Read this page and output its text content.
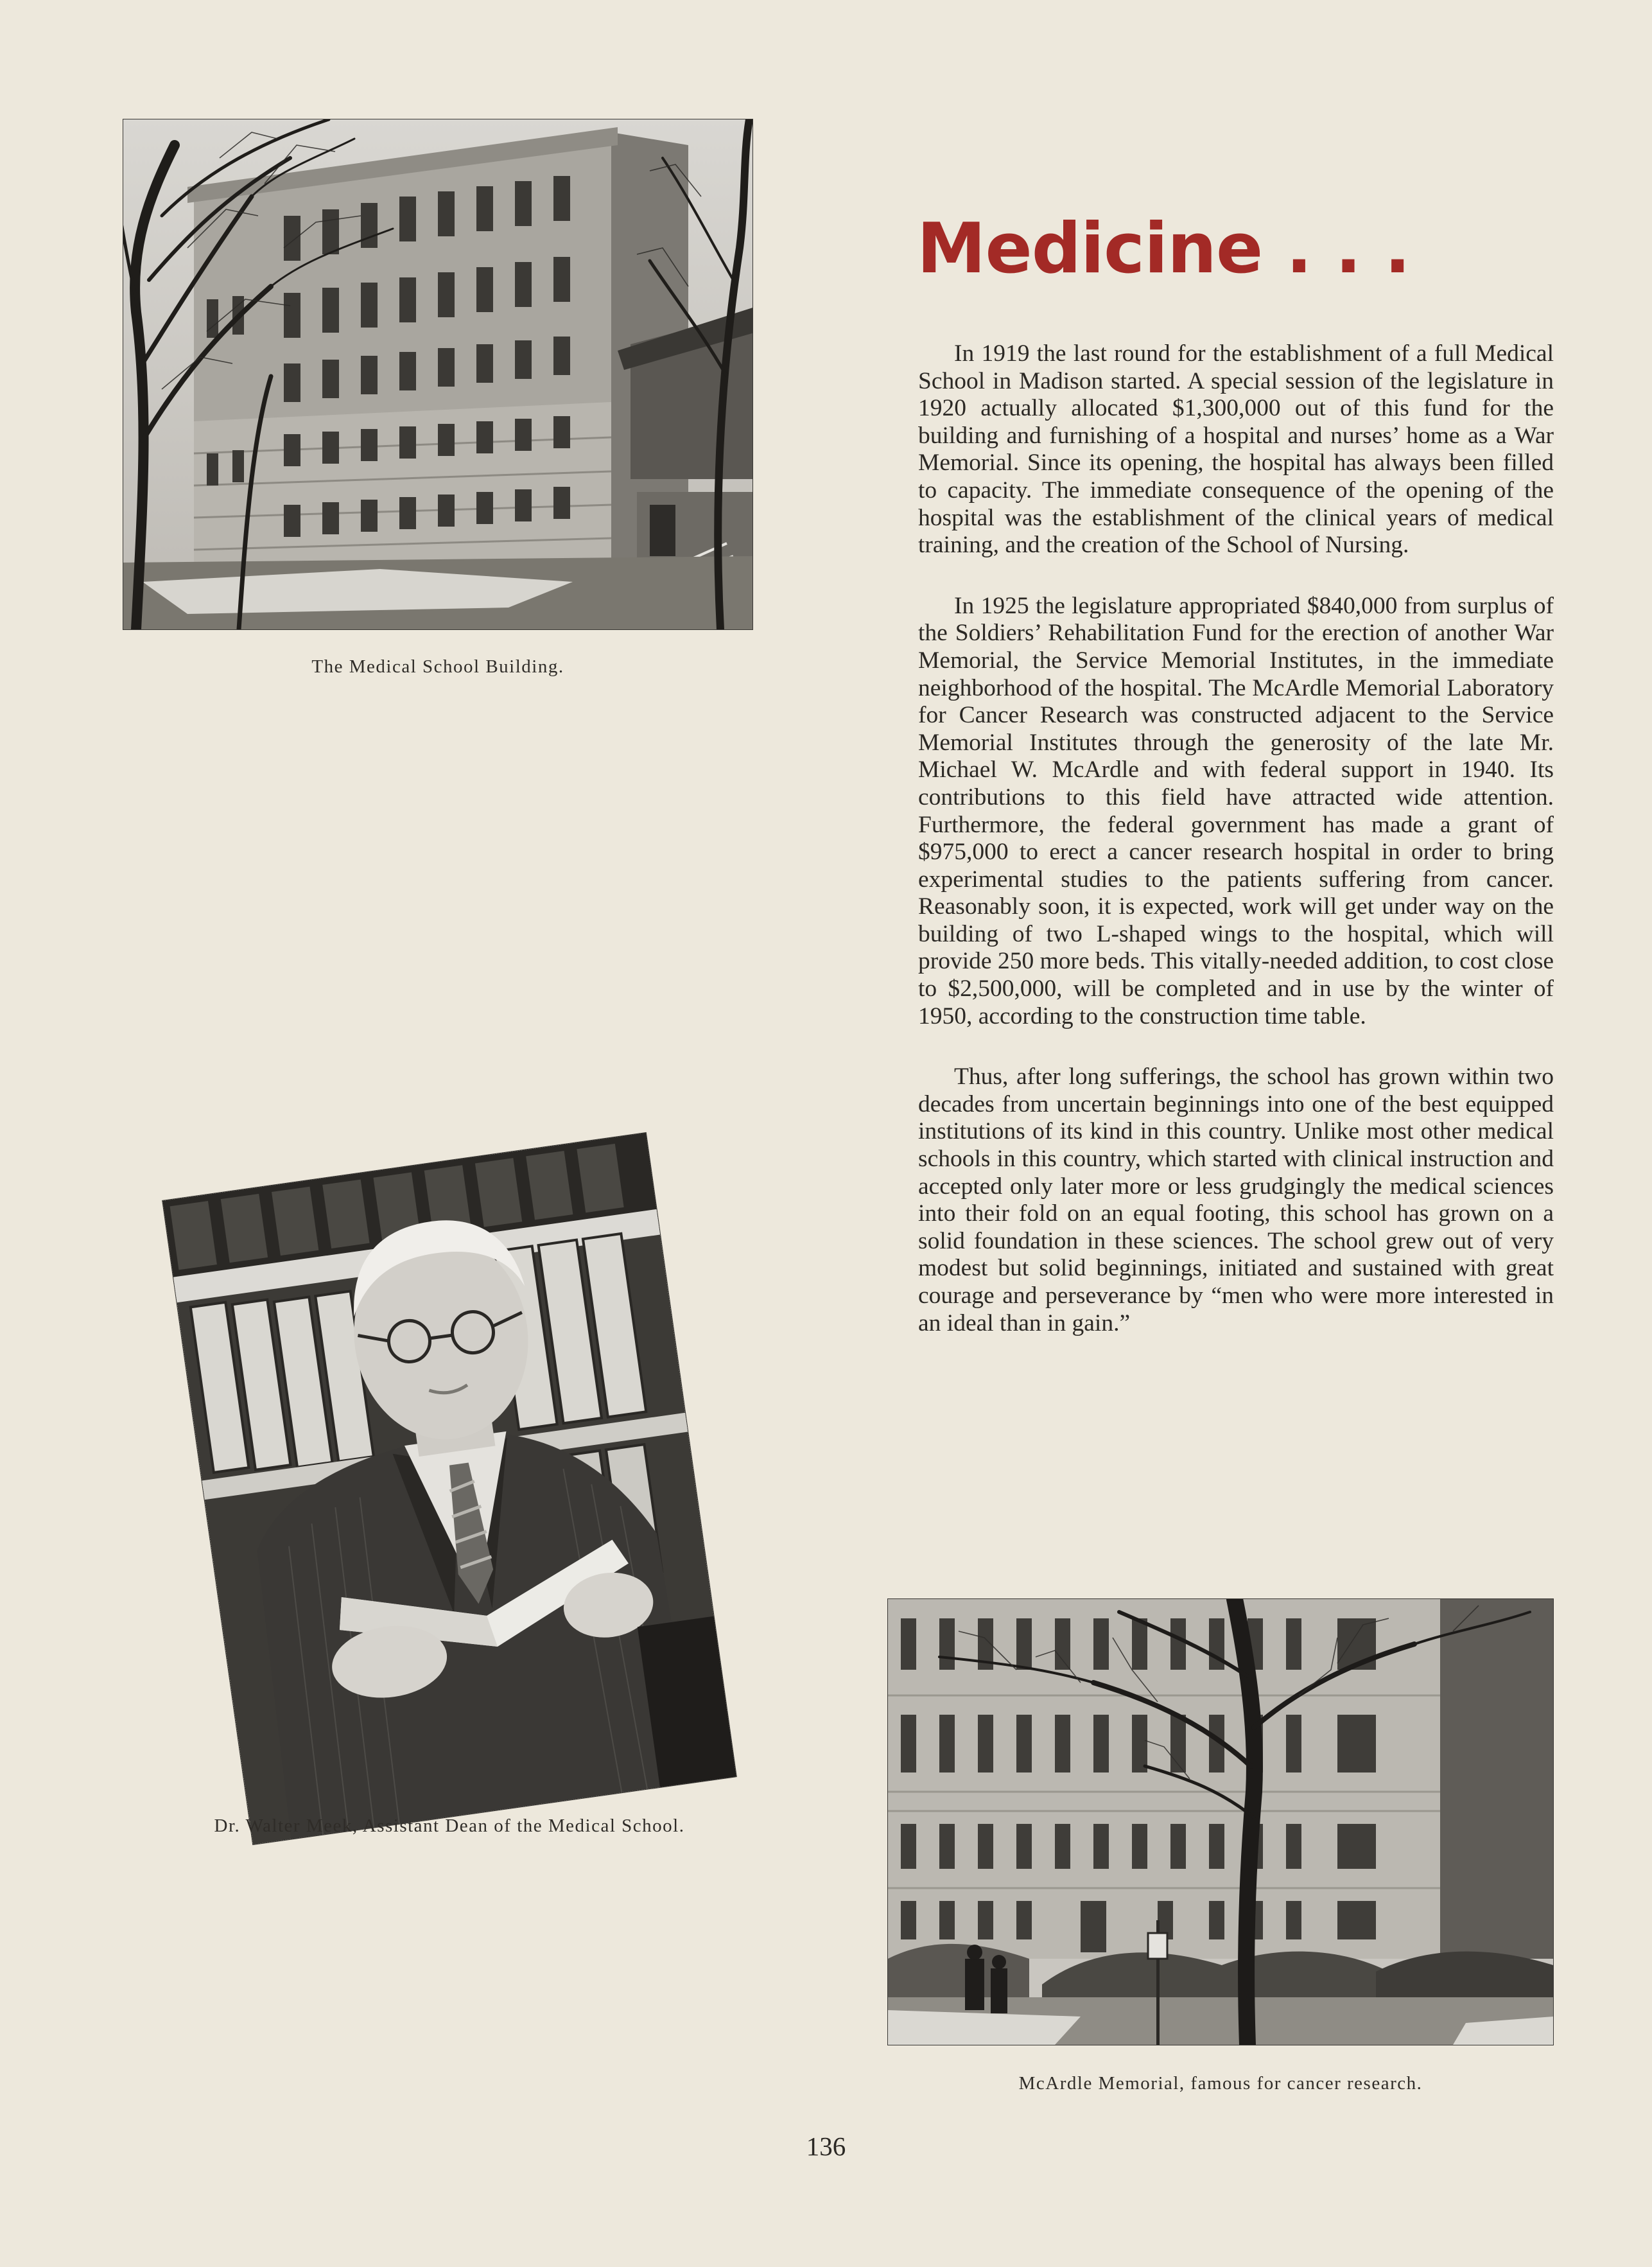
The Medical School Building.
Dr. Walter Meek, Assistant Dean of the Medical School.
McArdle Memorial, famous for cancer research.
Medicine . . .

In 1919 the last round for the establishment of a full Medical School in Madison started. A special session of the legislature in 1920 actually allocated $1,300,000 out of this fund for the building and furnishing of a hospital and nurses’ home as a War Memorial. Since its opening, the hospital has always been filled to capacity. The immediate consequence of the opening of the hospital was the establishment of the clinical years of medical training, and the creation of the School of Nursing.

In 1925 the legislature appropriated $840,000 from surplus of the Soldiers’ Rehabilitation Fund for the erection of another War Memorial, the Service Memorial Institutes, in the immediate neighborhood of the hospital. The McArdle Memorial Laboratory for Cancer Research was constructed adjacent to the Service Memorial Institutes through the generosity of the late Mr. Michael W. McArdle and with federal support in 1940. Its contributions to this field have attracted wide attention. Furthermore, the federal government has made a grant of $975,000 to erect a cancer research hospital in order to bring experimental studies to the patients suffering from cancer. Reasonably soon, it is expected, work will get under way on the building of two L-shaped wings to the hospital, which will provide 250 more beds. This vitally-needed addition, to cost close to $2,500,000, will be completed and in use by the winter of 1950, according to the construction time table.

Thus, after long sufferings, the school has grown within two decades from uncertain beginnings into one of the best equipped institutions of its kind in this country. Unlike most other medical schools in this country, which started with clinical instruction and accepted only later more or less grudgingly the medical sciences into their fold on an equal footing, this school has grown on a solid foundation in these sciences. The school grew out of very modest but solid beginnings, initiated and sustained with great courage and perseverance by “men who were more interested in an ideal than in gain.”

136
